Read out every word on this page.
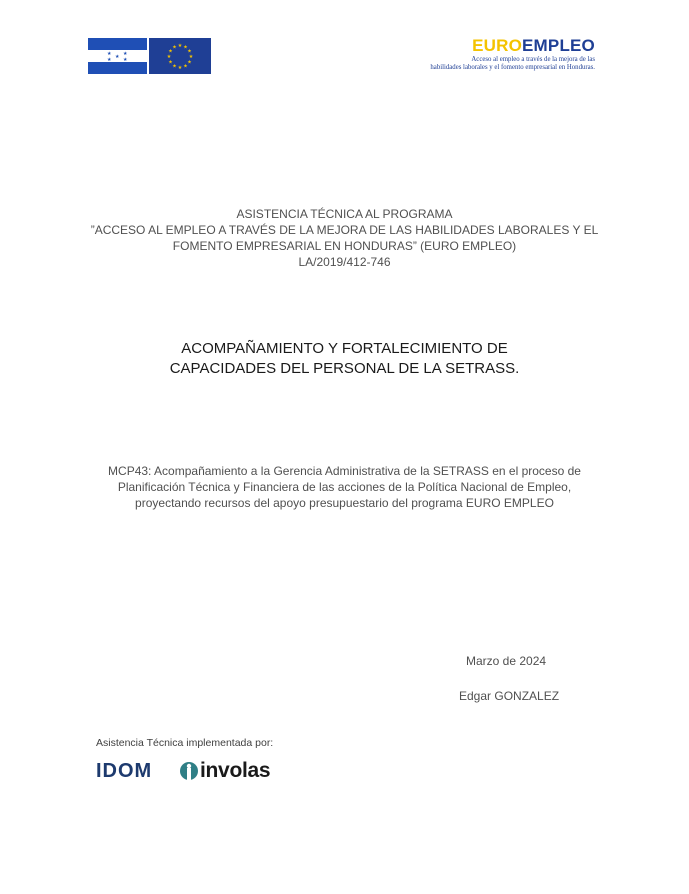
★ ★
★
★ ★
★ ★
★
★
★
★
★
★
★
★
★
★	EUROEMPLEO
Acceso al empleo a través de la mejora de las
habilidades laborales y el fomento empresarial en Honduras.
ASISTENCIA TÉCNICA AL PROGRAMA
”ACCESO AL EMPLEO A TRAVÉS DE LA MEJORA DE LAS HABILIDADES LABORALES Y EL
FOMENTO EMPRESARIAL EN HONDURAS” (EURO EMPLEO)
LA/2019/412-746
ACOMPAÑAMIENTO Y FORTALECIMIENTO DE
CAPACIDADES DEL PERSONAL DE LA SETRASS.
MCP43: Acompañamiento a la Gerencia Administrativa de la SETRASS en el proceso de
Planificación Técnica y Financiera de las acciones de la Política Nacional de Empleo,
proyectando recursos del apoyo presupuestario del programa EURO EMPLEO
Marzo de 2024
Edgar GONZALEZ
Asistencia Técnica implementada por:
IDOM involas
